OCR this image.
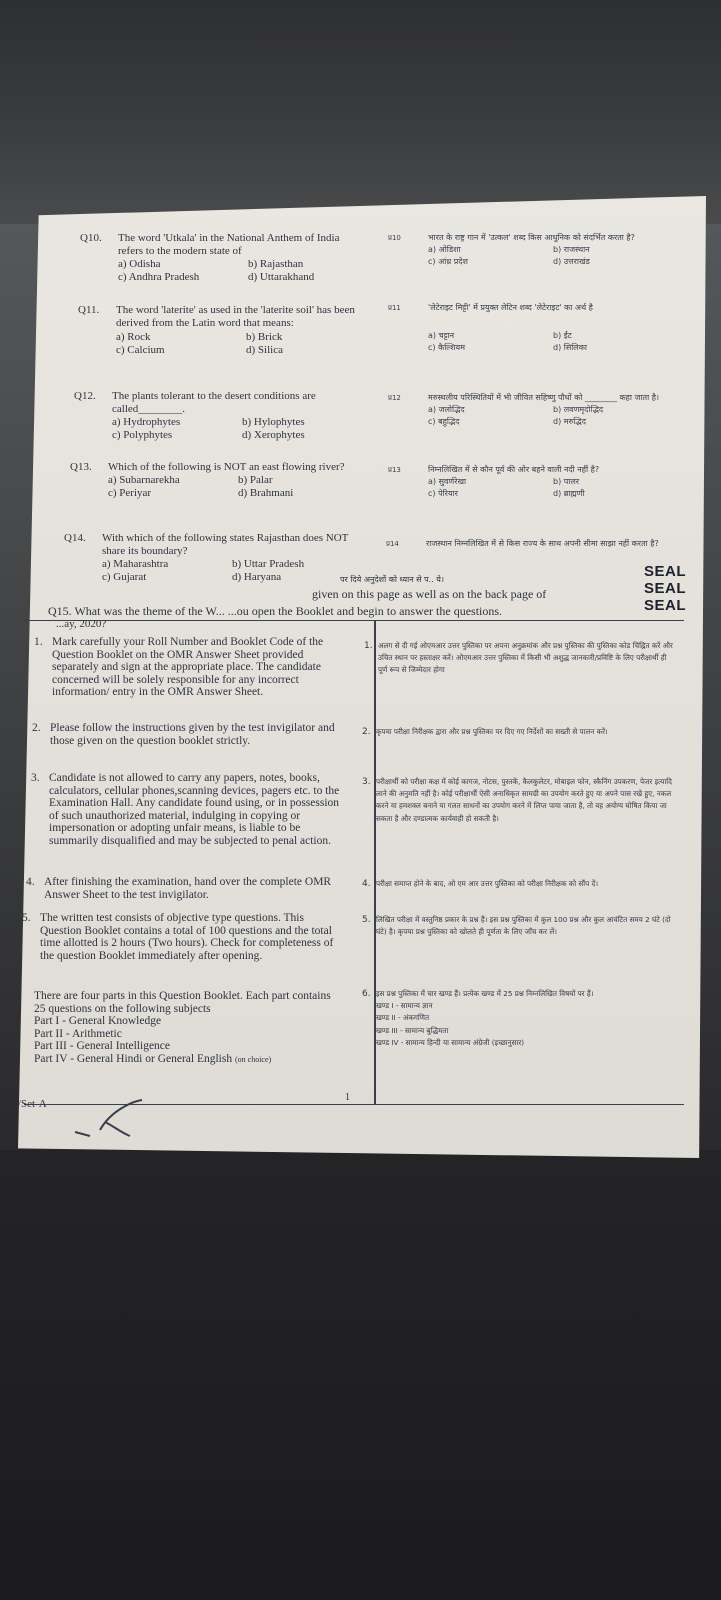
Q10. The word 'Utkala' in the National Anthem of India refers to the modern state of
a) Odisha	b) Rajasthan
c) Andhra Pradesh	d) Uttarakhand
Q11. The word 'laterite' as used in the 'laterite soil' has been derived from the Latin word that means:
a) Rock	b) Brick
c) Calcium	d) Silica
Q12. The plants tolerant to the desert conditions are called________.
a) Hydrophytes	b) Hylophytes
c) Polyphytes	d) Xerophytes
Q13. Which of the following is NOT an east flowing river?
a) Subarnarekha	b) Palar
c) Periyar	d) Brahmani
Q14. With which of the following states Rajasthan does NOT share its boundary?
a) Maharashtra	b) Uttar Pradesh
c) Gujarat	d) Haryana
प्र10	भारत के राष्ट्र गान में 'उत्कल' शब्द किस आधुनिक को संदर्भित करता है?
a) ओडिशा	b) राजस्थान
c) आंध्र प्रदेश	d) उत्तराखंड
प्र11	'लेटेराइट मिट्टी' में प्रयुक्त लेटिन शब्द 'लेटेराइट' का अर्थ है
a) चट्टान	b) ईंट
c) कैल्शियम	d) सिलिका
प्र12	मरुस्थलीय परिस्थितियों में भी जीवित सहिष्णु पौधों को ________ कहा जाता है।
a) जलोद्भिद	b) लवणमृदोद्भिद
c) बहुद्भिद	d) मरुद्भिद
प्र13	निम्नलिखित में से कौन पूर्व की ओर बहने वाली नदी नहीं है?
a) सुवर्णरेखा	b) पालर
c) पेरियार	d) ब्राह्मणी
प्र14	राजस्थान निम्नलिखित में से किस राज्य के साथ अपनी सीमा साझा नहीं करता है?
SEAL
SEAL
SEAL
पर दिये अनुदेशों को ध्यान से प.. ये।
given on this page as well as on the back page of
Q15. What was the theme of the W... ...ou open the Booklet and begin to answer the questions.
...ay, 2020?
1. Mark carefully your Roll Number and Booklet Code of the Question Booklet on the OMR Answer Sheet provided separately and sign at the appropriate place. The candidate concerned will be solely responsible for any incorrect information/ entry in the OMR Answer Sheet.
2. Please follow the instructions given by the test invigilator and those given on the question booklet strictly.
3. Candidate is not allowed to carry any papers, notes, books, calculators, cellular phones,scanning devices, pagers etc. to the Examination Hall. Any candidate found using, or in possession of such unauthorized material, indulging in copying or impersonation or adopting unfair means, is liable to be summarily disqualified and may be subjected to penal action.
4. After finishing the examination, hand over the complete OMR Answer Sheet to the test invigilator.
5. The written test consists of objective type questions. This Question Booklet contains a total of 100 questions and the total time allotted is 2 hours (Two hours). Check for completeness of the question Booklet immediately after opening.
There are four parts in this Question Booklet. Each part contains 25 questions on the following subjects
Part I - General Knowledge
Part II - Arithmetic
Part III - General Intelligence
Part IV - General Hindi or General English (on choice)
1. अलग से दी गई ओएमआर उत्तर पुस्तिका पर अपना अनुक्रमांक और प्रश्न पुस्तिका की पुस्तिका कोड चिह्नित करें और उचित स्थान पर हस्ताक्षर करें। ओएमआर उत्तर पुस्तिका में किसी भी अशुद्ध जानकारी/प्रविष्टि के लिए परीक्षार्थी ही पूर्ण रूप से जिम्मेदार होगा
2. कृपया परीक्षा निरीक्षक द्वारा और प्रश्न पुस्तिका पर दिए गए निर्देशों का सख्ती से पालन करें।
3. परीक्षार्थी को परीक्षा कक्ष में कोई कागज, नोटस, पुस्तकें, कैलकुलेटर, मोबाइल फोन, स्कैनिंग उपकरण, पेजर इत्यादि लाने की अनुमति नहीं है। कोई परीक्षार्थी ऐसी अनाधिकृत सामग्री का उपयोग करते हुए या अपने पास रखे हुए, नकल करने या हमशक्ल बनाने या गलत साधनों का उपयोग करने में लिप्त पाया जाता है, तो वह अयोग्य घोषित किया जा सकता है और दण्डात्मक कार्यवाही हो सकती है।
4. परीक्षा समाप्त होने के बाद, ओ एम आर उत्तर पुस्तिका को परीक्षा निरीक्षक को सौंप दें।
5. लिखित परीक्षा में वस्तुनिष्ठ प्रकार के प्रश्न हैं। इस प्रश्न पुस्तिका में कुल 100 प्रश्न और कुल आवंटित समय 2 घंटे (दो घंटे) है। कृपया प्रश्न पुस्तिका को खोलते ही पूर्णता के लिए जाँच कर लें।
6. इस प्रश्न पुस्तिका में चार खण्ड हैं। प्रत्येक खण्ड में 25 प्रश्न निम्नलिखित विषयों पर हैं।
खण्ड I - सामान्य ज्ञान
खण्ड II - अंकगणित
खण्ड III - सामान्य बुद्धिमता
खण्ड IV - सामान्य हिन्दी या सामान्य अंग्रेजी (इच्छानुसार)
/Set-A
1
